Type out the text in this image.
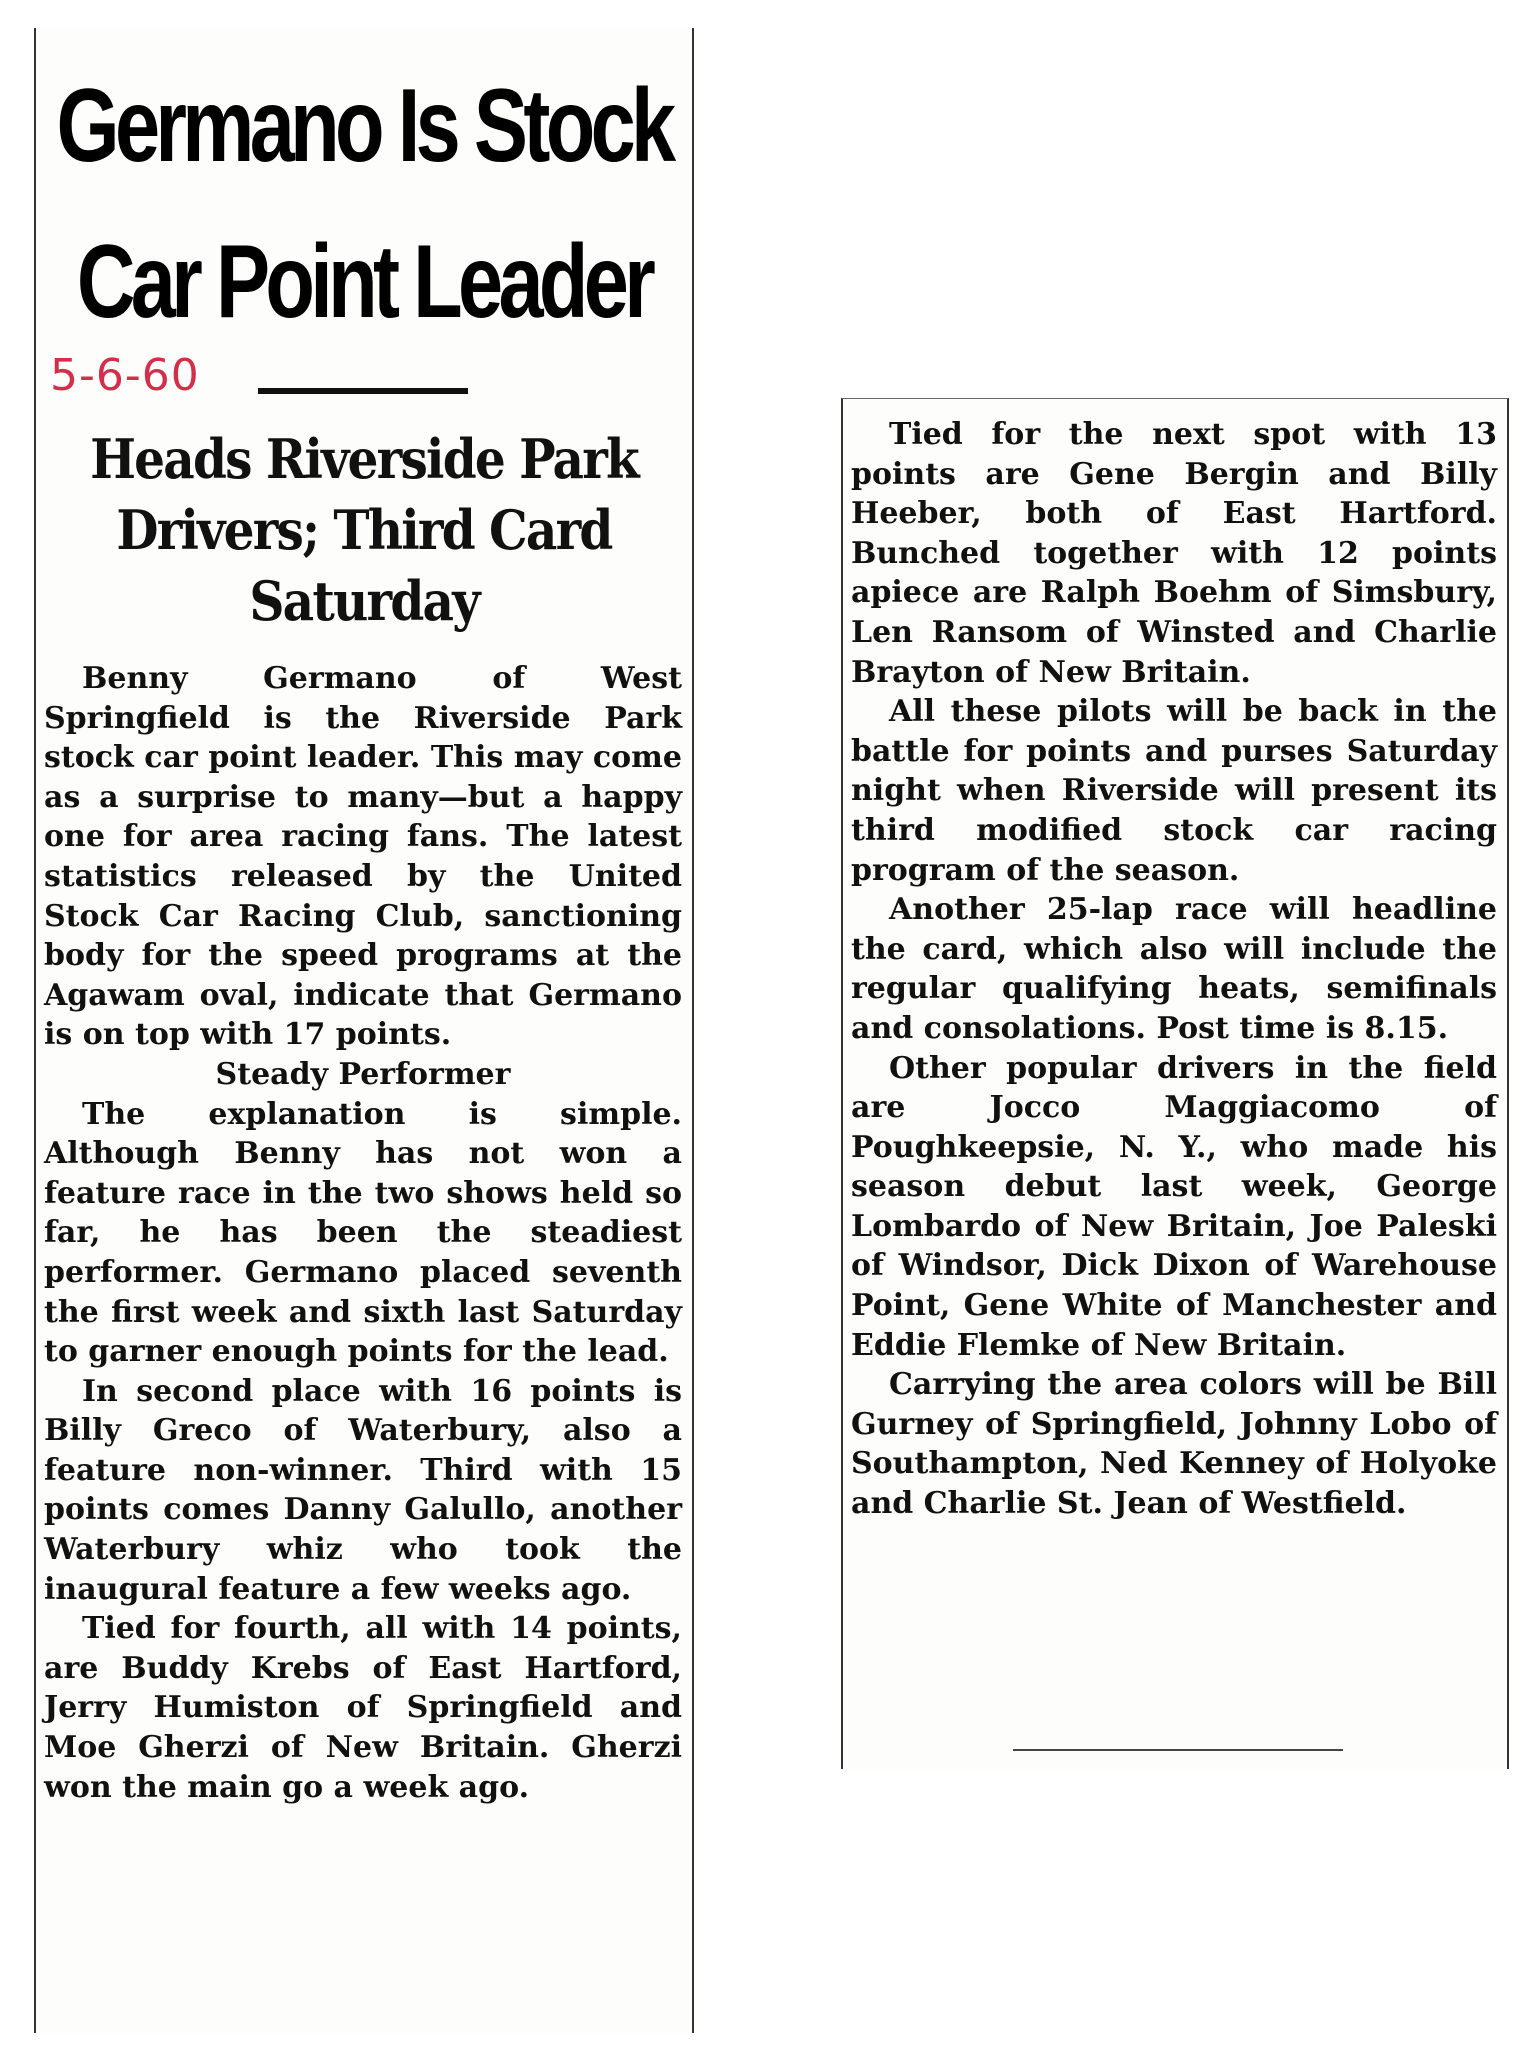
Germano Is Stock
Car Point Leader
5-6-60
Heads Riverside Park
Drivers; Third Card
Saturday

Benny Germano of West Springfield is the Riverside Park stock car point leader. This may come as a surprise to many—but a happy one for area racing fans. The latest statistics released by the United Stock Car Racing Club, sanctioning body for the speed programs at the Agawam oval, indicate that Germano is on top with 17 points.

Steady Performer

The explanation is simple. Although Benny has not won a feature race in the two shows held so far, he has been the steadiest performer. Germano placed seventh the first week and sixth last Saturday to garner enough points for the lead.

In second place with 16 points is Billy Greco of Waterbury, also a feature non-winner. Third with 15 points comes Danny Galullo, another Waterbury whiz who took the inaugural feature a few weeks ago.

Tied for fourth, all with 14 points, are Buddy Krebs of East Hartford, Jerry Humiston of Springfield and Moe Gherzi of New Britain. Gherzi won the main go a week ago.

Tied for the next spot with 13 points are Gene Bergin and Billy Heeber, both of East Hartford. Bunched together with 12 points apiece are Ralph Boehm of Simsbury, Len Ransom of Winsted and Charlie Brayton of New Britain.

All these pilots will be back in the battle for points and purses Saturday night when Riverside will present its third modified stock car racing program of the season.

Another 25-lap race will headline the card, which also will include the regular qualifying heats, semifinals and consolations. Post time is 8.15.

Other popular drivers in the field are Jocco Maggiacomo of Poughkeepsie, N. Y., who made his season debut last week, George Lombardo of New Britain, Joe Paleski of Windsor, Dick Dixon of Warehouse Point, Gene White of Manchester and Eddie Flemke of New Britain.

Carrying the area colors will be Bill Gurney of Springfield, Johnny Lobo of Southampton, Ned Kenney of Holyoke and Charlie St. Jean of Westfield.
